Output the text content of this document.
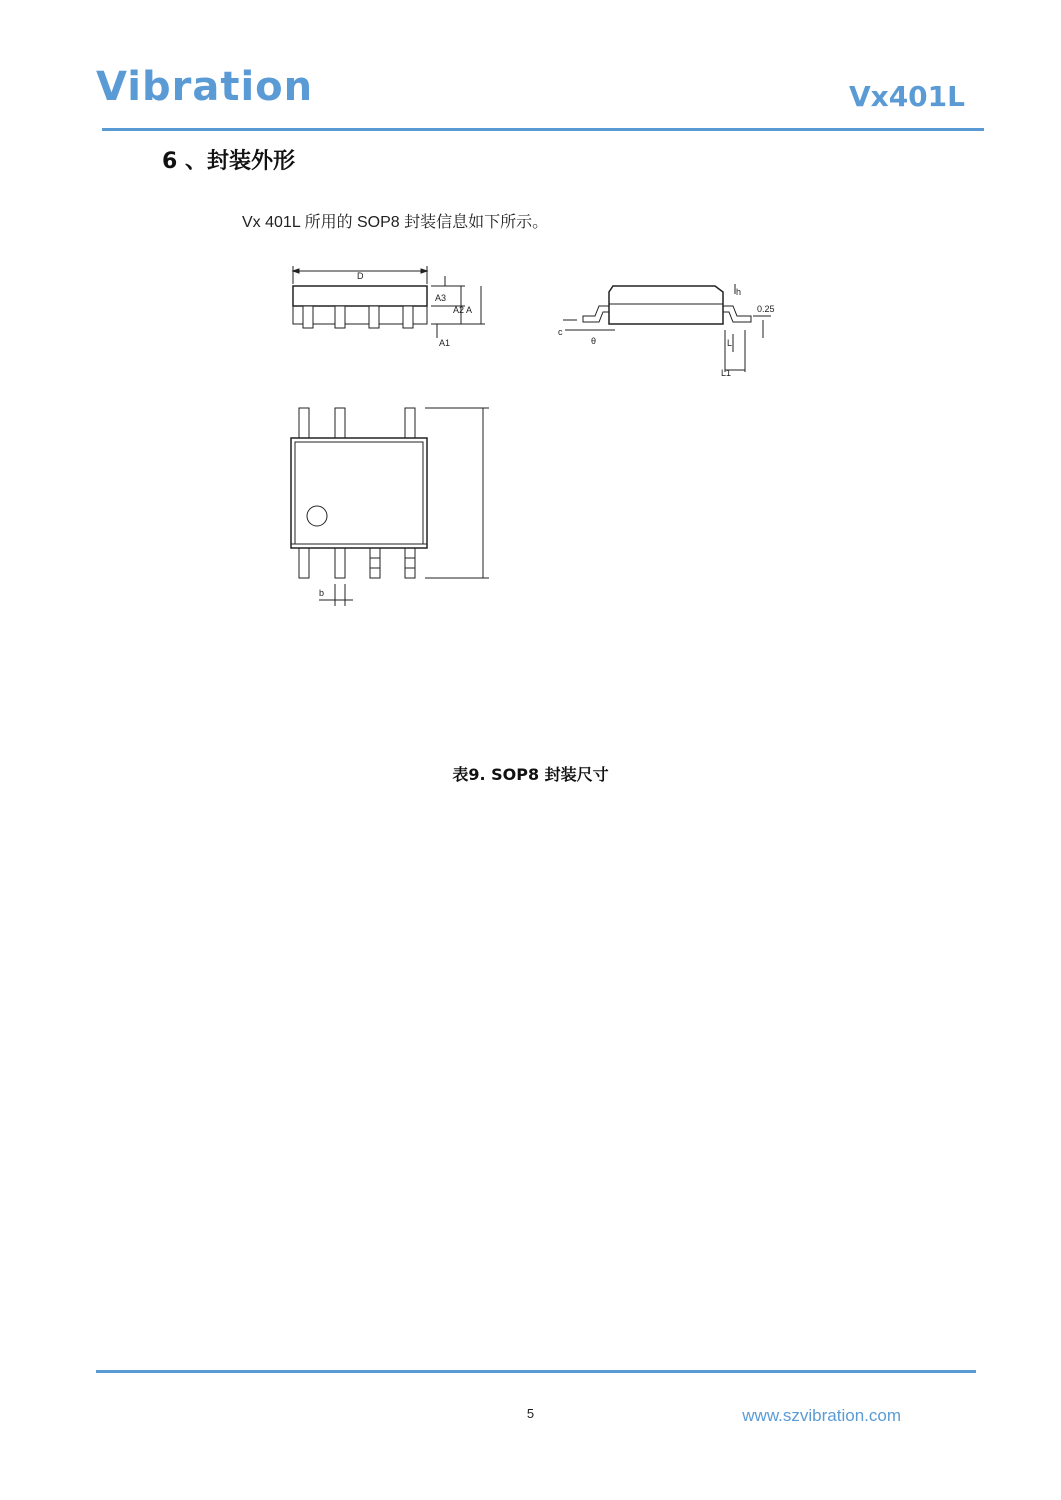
Vibration	Vx401L
6 、封装外形
Vx 401L 所用的 SOP8 封装信息如下所示。
D
A3
A2 A
A1
h
0.25
c
θ	L
L1
b
表9. SOP8 封装尺寸
5	www.szvibration.com
